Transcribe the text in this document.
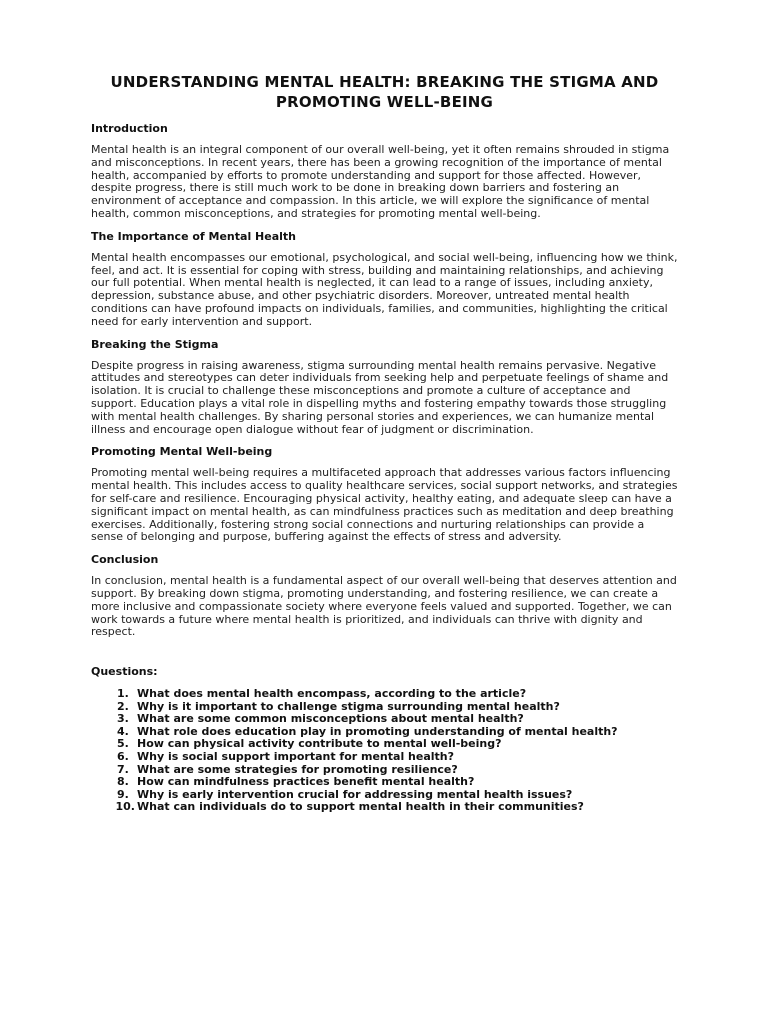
UNDERSTANDING MENTAL HEALTH: BREAKING THE STIGMA AND PROMOTING WELL-BEING
Introduction

Mental health is an integral component of our overall well-being, yet it often remains shrouded in stigma and misconceptions. In recent years, there has been a growing recognition of the importance of mental health, accompanied by efforts to promote understanding and support for those affected. However, despite progress, there is still much work to be done in breaking down barriers and fostering an environment of acceptance and compassion. In this article, we will explore the significance of mental health, common misconceptions, and strategies for promoting mental well-being.

The Importance of Mental Health

Mental health encompasses our emotional, psychological, and social well-being, influencing how we think, feel, and act. It is essential for coping with stress, building and maintaining relationships, and achieving our full potential. When mental health is neglected, it can lead to a range of issues, including anxiety, depression, substance abuse, and other psychiatric disorders. Moreover, untreated mental health conditions can have profound impacts on individuals, families, and communities, highlighting the critical need for early intervention and support.

Breaking the Stigma

Despite progress in raising awareness, stigma surrounding mental health remains pervasive. Negative attitudes and stereotypes can deter individuals from seeking help and perpetuate feelings of shame and isolation. It is crucial to challenge these misconceptions and promote a culture of acceptance and support. Education plays a vital role in dispelling myths and fostering empathy towards those struggling with mental health challenges. By sharing personal stories and experiences, we can humanize mental illness and encourage open dialogue without fear of judgment or discrimination.

Promoting Mental Well-being

Promoting mental well-being requires a multifaceted approach that addresses various factors influencing mental health. This includes access to quality healthcare services, social support networks, and strategies for self-care and resilience. Encouraging physical activity, healthy eating, and adequate sleep can have a significant impact on mental health, as can mindfulness practices such as meditation and deep breathing exercises. Additionally, fostering strong social connections and nurturing relationships can provide a sense of belonging and purpose, buffering against the effects of stress and adversity.

Conclusion

In conclusion, mental health is a fundamental aspect of our overall well-being that deserves attention and support. By breaking down stigma, promoting understanding, and fostering resilience, we can create a more inclusive and compassionate society where everyone feels valued and supported. Together, we can work towards a future where mental health is prioritized, and individuals can thrive with dignity and respect.

Questions:
1. What does mental health encompass, according to the article?
2. Why is it important to challenge stigma surrounding mental health?
3. What are some common misconceptions about mental health?
4. What role does education play in promoting understanding of mental health?
5. How can physical activity contribute to mental well-being?
6. Why is social support important for mental health?
7. What are some strategies for promoting resilience?
8. How can mindfulness practices benefit mental health?
9. Why is early intervention crucial for addressing mental health issues?
10. What can individuals do to support mental health in their communities?
